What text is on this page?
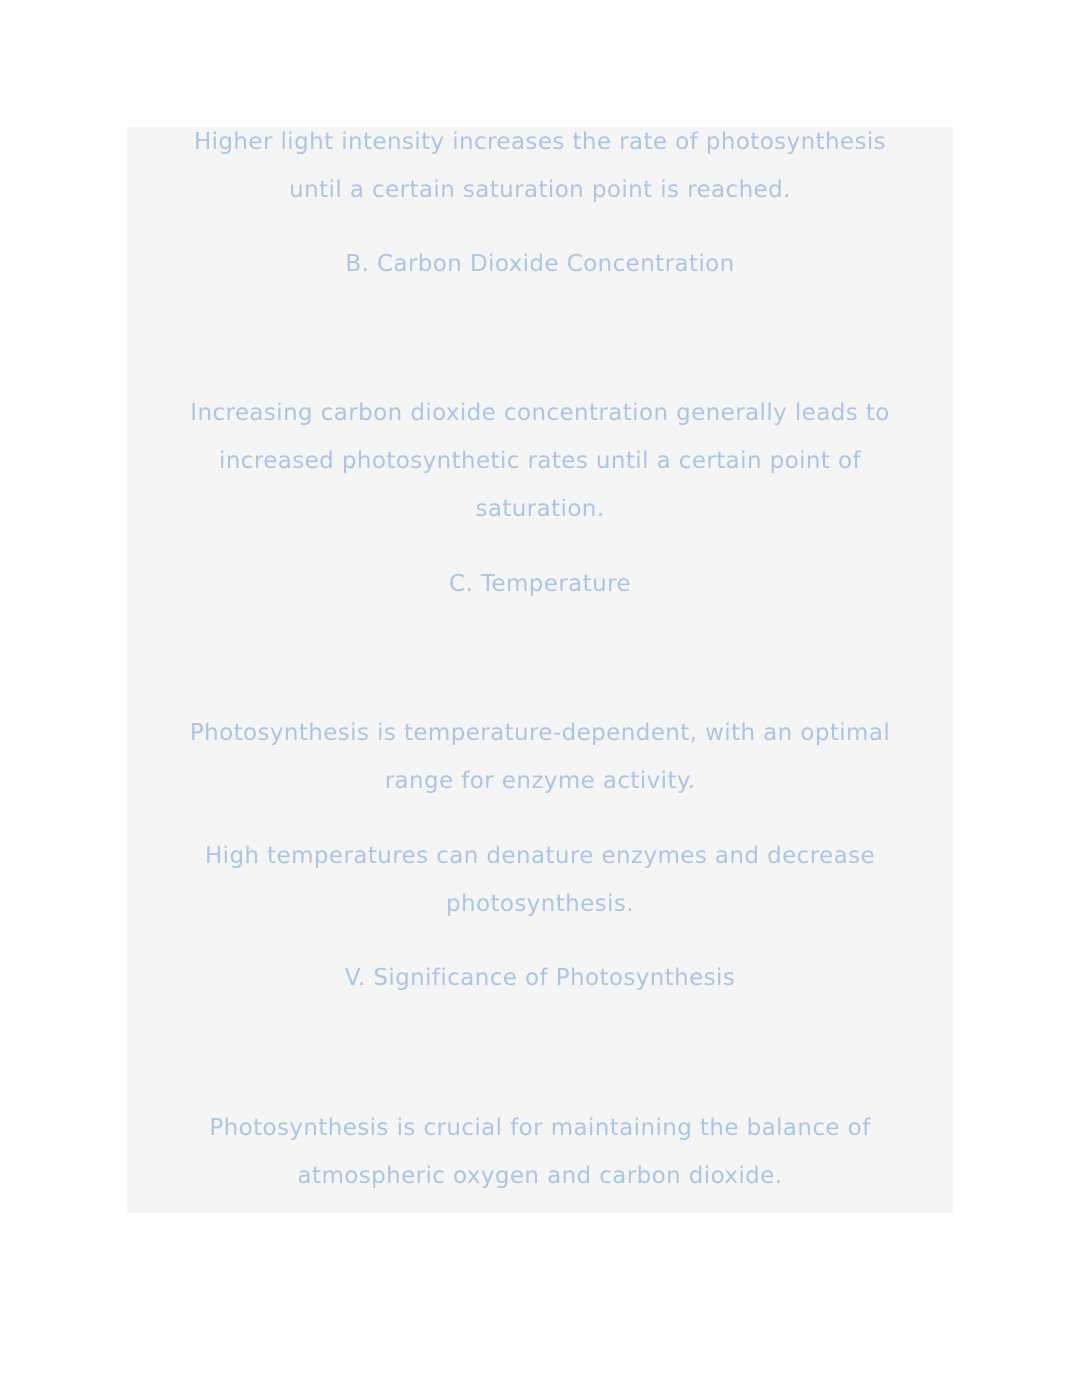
Higher light intensity increases the rate of photosynthesis
until a certain saturation point is reached.
B. Carbon Dioxide Concentration
Increasing carbon dioxide concentration generally leads to
increased photosynthetic rates until a certain point of
saturation.
C. Temperature
Photosynthesis is temperature-dependent, with an optimal
range for enzyme activity.
High temperatures can denature enzymes and decrease
photosynthesis.
V. Significance of Photosynthesis
Photosynthesis is crucial for maintaining the balance of
atmospheric oxygen and carbon dioxide.
